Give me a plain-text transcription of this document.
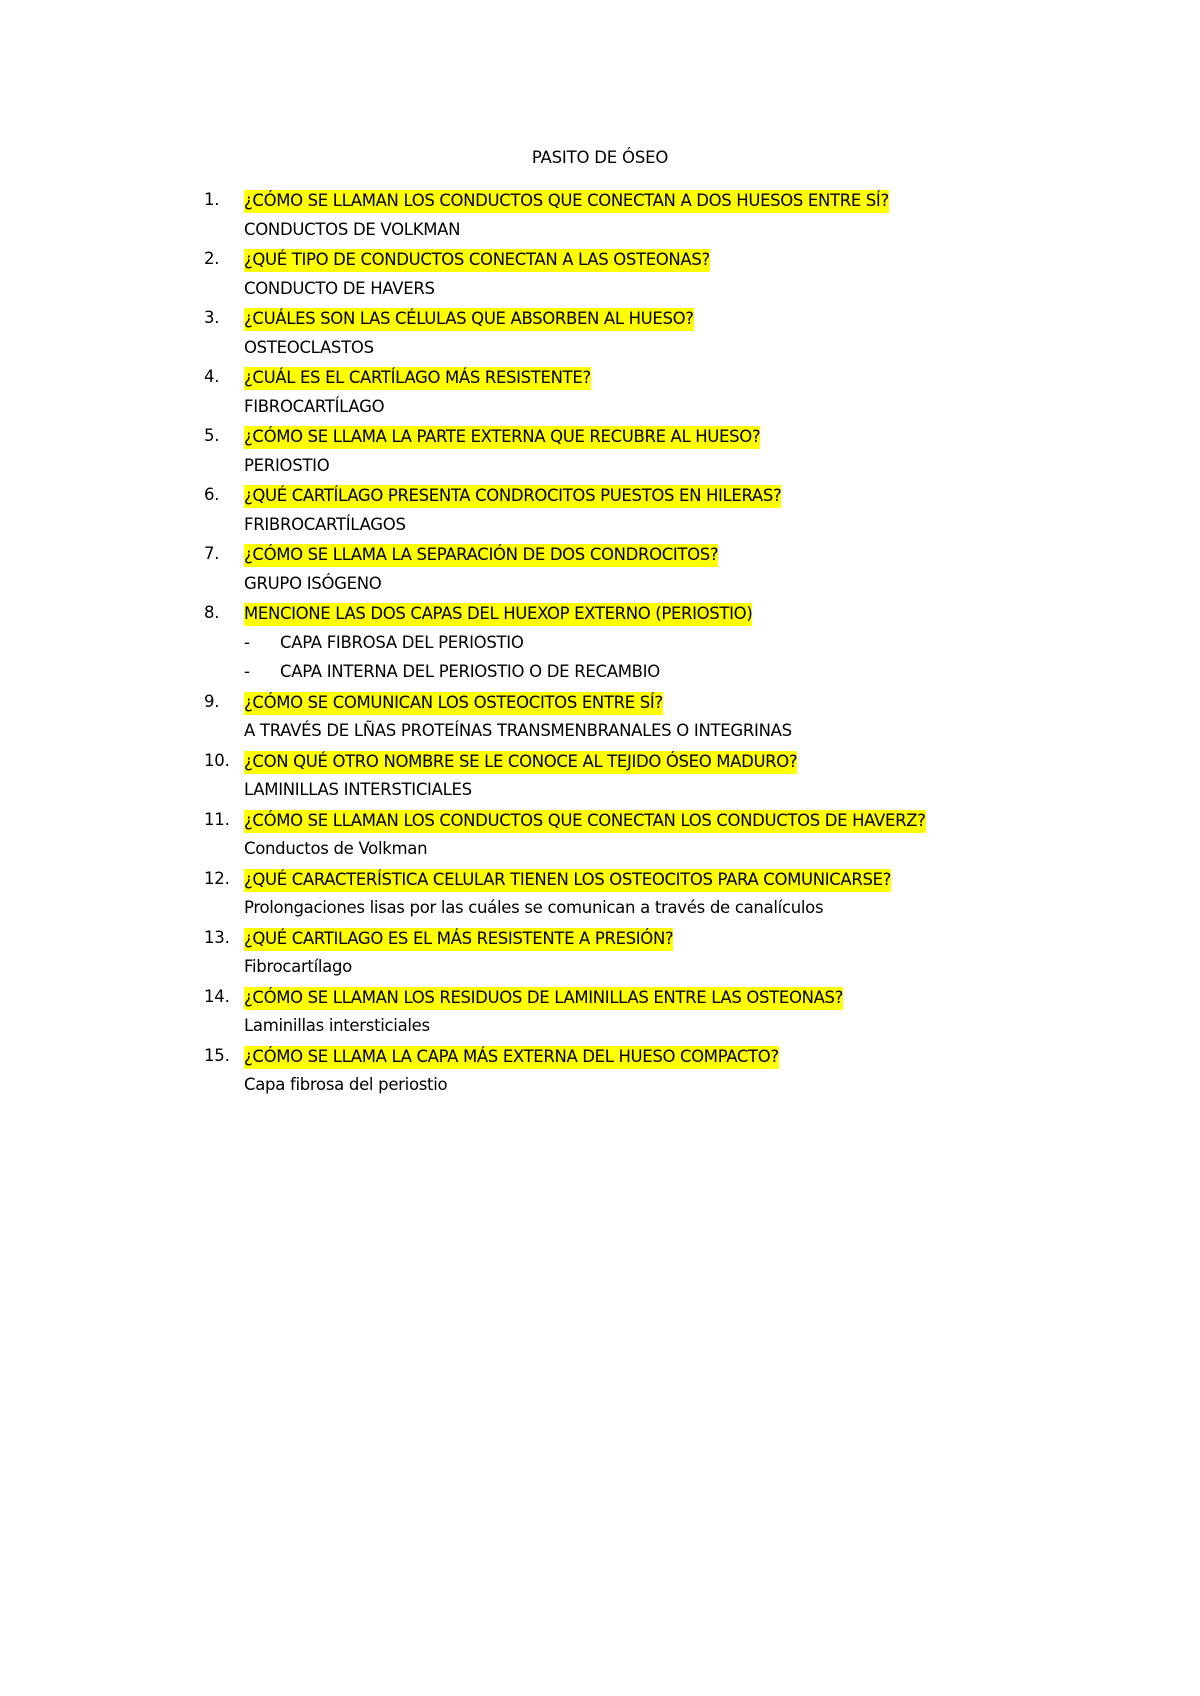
PASITO DE ÓSEO
1.	¿CÓMO SE LLAMAN LOS CONDUCTOS QUE CONECTAN A DOS HUESOS ENTRE SÍ?
CONDUCTOS DE VOLKMAN
2.	¿QUÉ TIPO DE CONDUCTOS CONECTAN A LAS OSTEONAS?
CONDUCTO DE HAVERS
3.	¿CUÁLES SON LAS CÉLULAS QUE ABSORBEN AL HUESO?
OSTEOCLASTOS
4.	¿CUÁL ES EL CARTÍLAGO MÁS RESISTENTE?
FIBROCARTÍLAGO
5.	¿CÓMO SE LLAMA LA PARTE EXTERNA QUE RECUBRE AL HUESO?
PERIOSTIO
6.	¿QUÉ CARTÍLAGO PRESENTA CONDROCITOS PUESTOS EN HILERAS?
FRIBROCARTÍLAGOS
7.	¿CÓMO SE LLAMA LA SEPARACIÓN DE DOS CONDROCITOS?
GRUPO ISÓGENO
8.	MENCIONE LAS DOS CAPAS DEL HUEXOP EXTERNO (PERIOSTIO)
-	CAPA FIBROSA DEL PERIOSTIO
-	CAPA INTERNA DEL PERIOSTIO O DE RECAMBIO
9.	¿CÓMO SE COMUNICAN LOS OSTEOCITOS ENTRE SÍ?
A TRAVÉS DE LÑAS PROTEÍNAS TRANSMENBRANALES O INTEGRINAS
10. ¿CON QUÉ OTRO NOMBRE SE LE CONOCE AL TEJIDO ÓSEO MADURO?
LAMINILLAS INTERSTICIALES
11. ¿CÓMO SE LLAMAN LOS CONDUCTOS QUE CONECTAN LOS CONDUCTOS DE HAVERZ?
Conductos de Volkman
12. ¿QUÉ CARACTERÍSTICA CELULAR TIENEN LOS OSTEOCITOS PARA COMUNICARSE?
Prolongaciones lisas por las cuáles se comunican a través de canalículos
13. ¿QUÉ CARTILAGO ES EL MÁS RESISTENTE A PRESIÓN?
Fibrocartílago
14. ¿CÓMO SE LLAMAN LOS RESIDUOS DE LAMINILLAS ENTRE LAS OSTEONAS?
Laminillas intersticiales
15. ¿CÓMO SE LLAMA LA CAPA MÁS EXTERNA DEL HUESO COMPACTO?
Capa fibrosa del periostio
